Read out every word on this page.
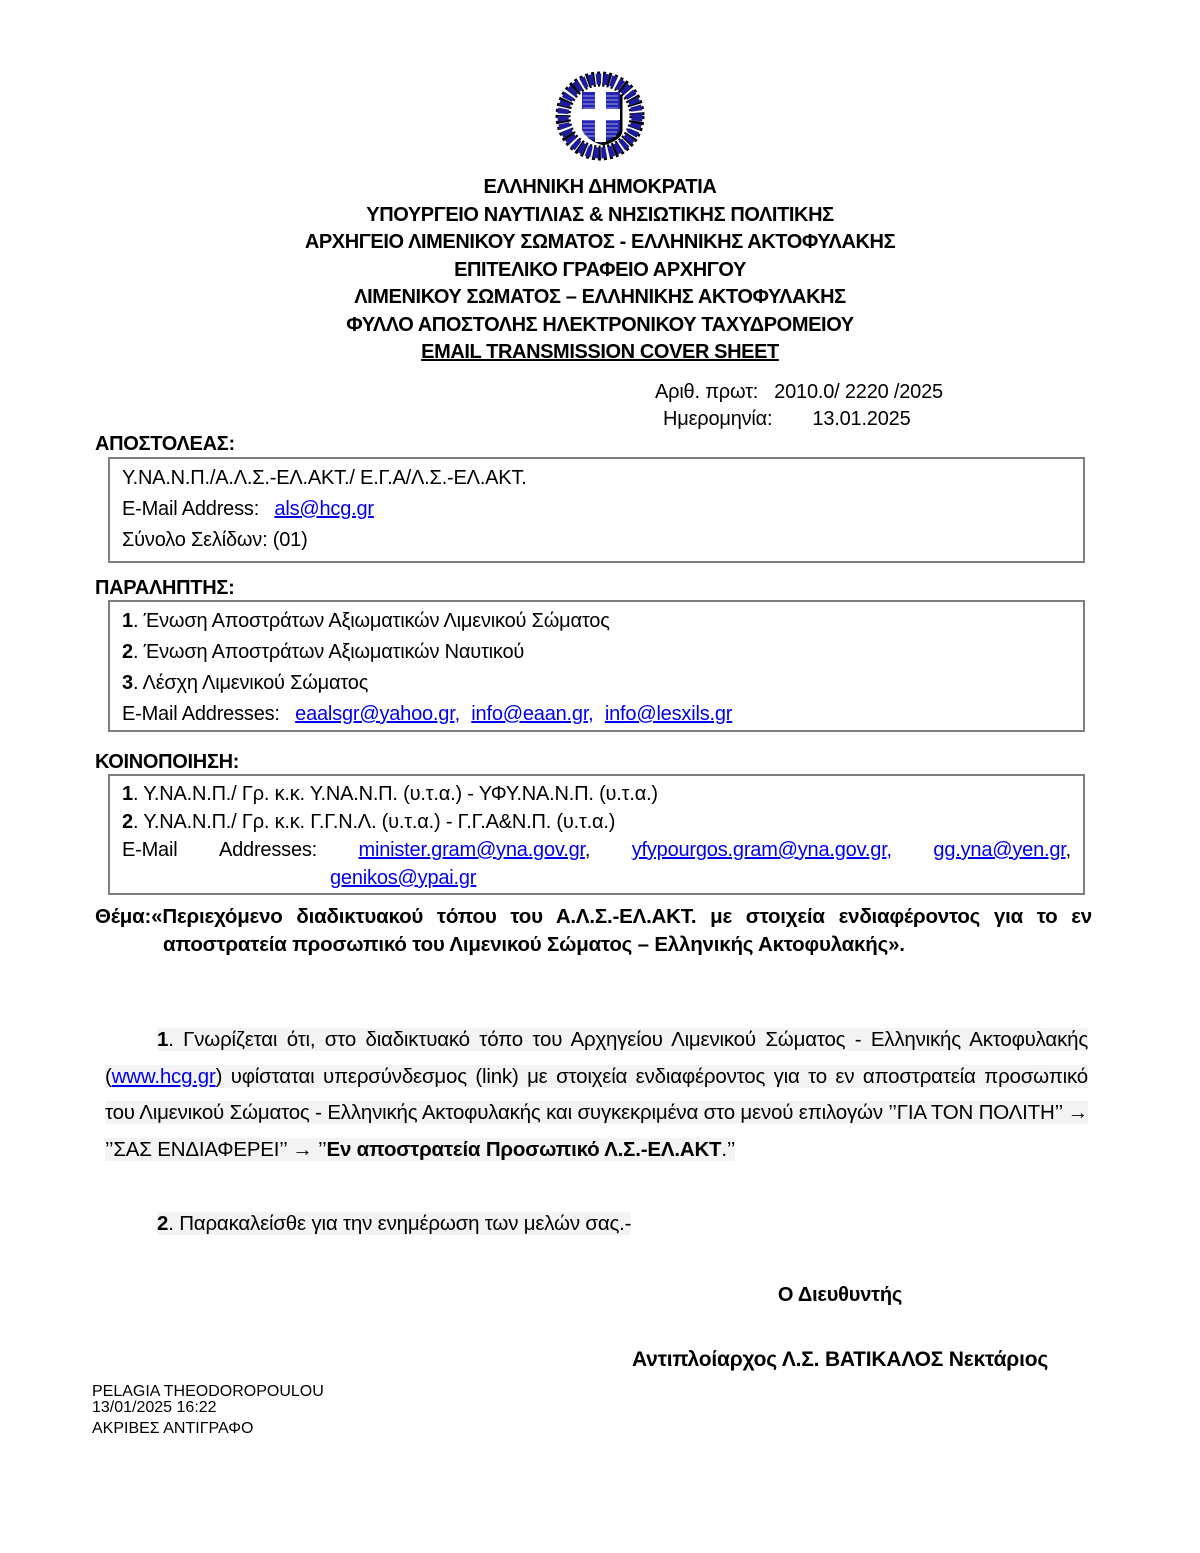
ΕΛΛΗΝΙΚΗ ΔΗΜΟΚΡΑΤΙΑ
ΥΠΟΥΡΓΕΙΟ ΝΑΥΤΙΛΙΑΣ & ΝΗΣΙΩΤΙΚΗΣ ΠΟΛΙΤΙΚΗΣ
ΑΡΧΗΓΕΙΟ ΛΙΜΕΝΙΚΟΥ ΣΩΜΑΤΟΣ - ΕΛΛΗΝΙΚΗΣ ΑΚΤΟΦΥΛΑΚΗΣ
ΕΠΙΤΕΛΙΚΟ ΓΡΑΦΕΙΟ ΑΡΧΗΓΟΥ
ΛΙΜΕΝΙΚΟΥ ΣΩΜΑΤΟΣ – ΕΛΛΗΝΙΚΗΣ ΑΚΤΟΦΥΛΑΚΗΣ
ΦΥΛΛΟ ΑΠΟΣΤΟΛΗΣ ΗΛΕΚΤΡΟΝΙΚΟΥ ΤΑΧΥΔΡΟΜΕΙΟΥ
EMAIL TRANSMISSION COVER SHEET
Αριθ. πρωτ: 2010.0/ 2220 /2025
Ημερομηνία: 13.01.2025
ΑΠΟΣΤΟΛΕΑΣ:
Υ.ΝΑ.Ν.Π./Α.Λ.Σ.-ΕΛ.ΑΚΤ./ Ε.Γ.Α/Λ.Σ.-ΕΛ.ΑΚΤ.
E-Mail Address: als@hcg.gr
Σύνολο Σελίδων: (01)
ΠΑΡΑΛΗΠΤΗΣ:
1. Ένωση Αποστράτων Αξιωματικών Λιμενικού Σώματος
2. Ένωση Αποστράτων Αξιωματικών Ναυτικού
3. Λέσχη Λιμενικού Σώματος
E-Mail Addresses: eaalsgr@yahoo.gr, info@eaan.gr, info@lesxils.gr
ΚΟΙΝΟΠΟΙΗΣΗ:
1. Υ.ΝΑ.Ν.Π./ Γρ. κ.κ. Υ.ΝΑ.Ν.Π. (υ.τ.α.) - ΥΦΥ.ΝΑ.Ν.Π. (υ.τ.α.)
2. Υ.ΝΑ.Ν.Π./ Γρ. κ.κ. Γ.Γ.Ν.Λ. (υ.τ.α.) - Γ.Γ.Α&Ν.Π. (υ.τ.α.)
E-Mail Addresses: minister.gram@yna.gov.gr, yfypourgos.gram@yna.gov.gr, gg.yna@yen.gr,
genikos@ypai.gr
Θέμα:«Περιεχόμενο διαδικτυακού τόπου του Α.Λ.Σ.-ΕΛ.ΑΚΤ. με στοιχεία ενδιαφέροντος για το εν αποστρατεία προσωπικό του Λιμενικού Σώματος – Ελληνικής Ακτοφυλακής».
1. Γνωρίζεται ότι, στο διαδικτυακό τόπο του Αρχηγείου Λιμενικού Σώματος - Ελληνικής Ακτοφυλακής (www.hcg.gr) υφίσταται υπερσύνδεσμος (link) με στοιχεία ενδιαφέροντος για το εν αποστρατεία προσωπικό του Λιμενικού Σώματος - Ελληνικής Ακτοφυλακής και συγκεκριμένα στο μενού επιλογών ’’ΓΙΑ ΤΟΝ ΠΟΛΙΤΗ’’ → ’’ΣΑΣ ΕΝΔΙΑΦΕΡΕΙ’’ → ’’Εν αποστρατεία Προσωπικό Λ.Σ.-ΕΛ.ΑΚΤ.’’
2. Παρακαλείσθε για την ενημέρωση των μελών σας.-
Ο Διευθυντής
Αντιπλοίαρχος Λ.Σ. ΒΑΤΙΚΑΛΟΣ Νεκτάριος
PELAGIA THEODOROPOULOU
13/01/2025 16:22
ΑΚΡΙΒΕΣ ΑΝΤΙΓΡΑΦΟ
